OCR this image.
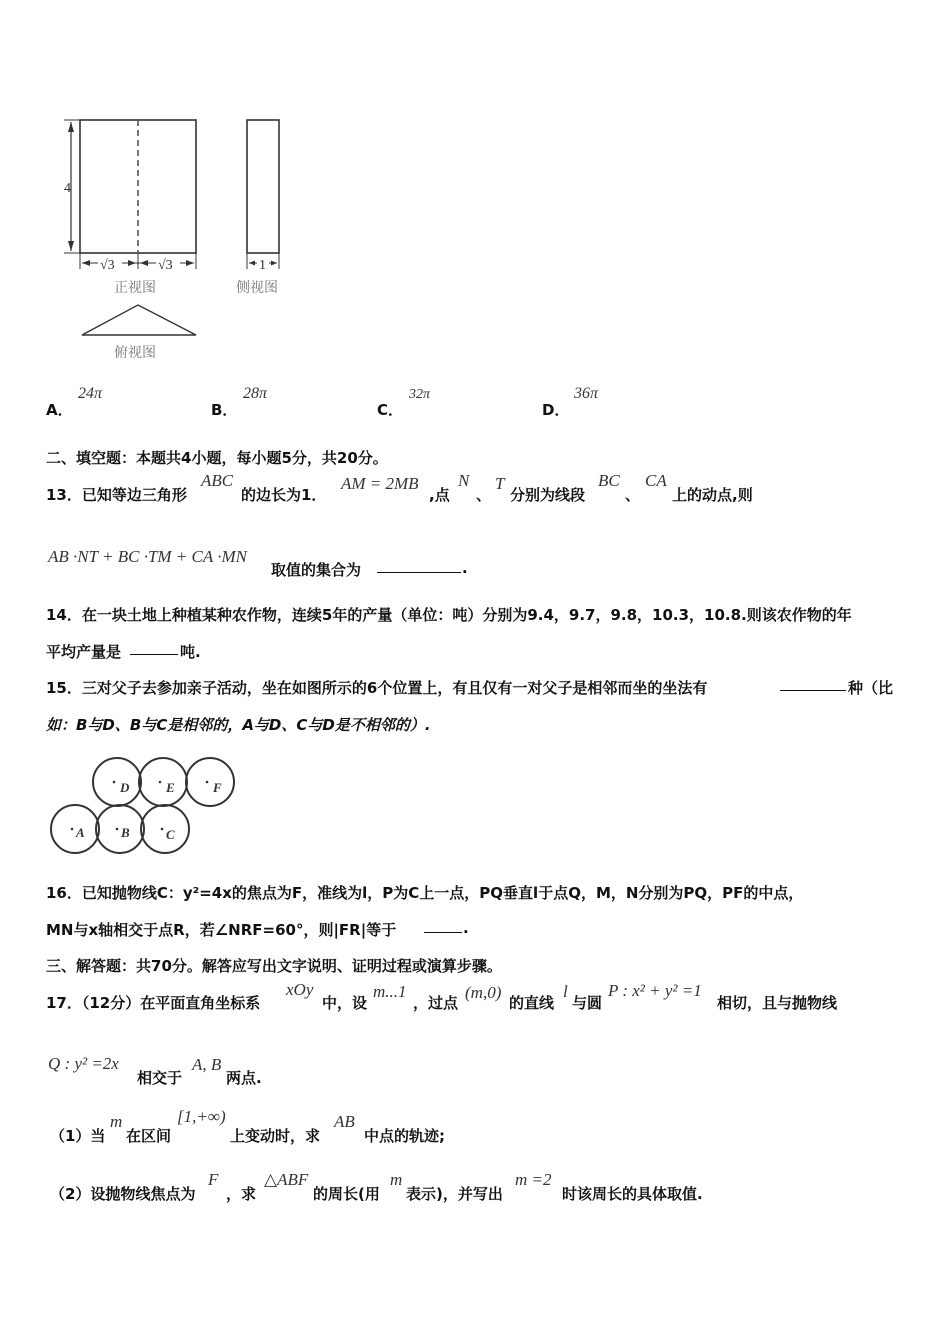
4
√3	√3
正视图
1
侧视图
俯视图
A．
24π
B．
28π
C．
32π
D．
36π
二、填空题：本题共4小题，每小题5分，共20分。
13．已知等边三角形
ABC
的边长为1．
AM = 2MB
,点
N
、
T
分别为线段
BC
、
CA
上的动点,则
AB ·NT + BC ·TM + CA ·MN
取值的集合为	.
14．在一块土地上种植某种农作物，连续5年的产量（单位：吨）分别为9.4，9.7，9.8，10.3，10.8.则该农作物的年
平均产量是	吨.
15．三对父子去参加亲子活动，坐在如图所示的6个位置上，有且仅有一对父子是相邻而坐的坐法有	种（比
如：B与D、B与C是相邻的，A与D、C与D是不相邻的）.
D	E	F
A	B	C
16．已知抛物线C：y²=4x的焦点为F，准线为l，P为C上一点，PQ垂直l于点Q，M，N分别为PQ，PF的中点，
MN与x轴相交于点R，若∠NRF=60°，则|FR|等于	.
三、解答题：共70分。解答应写出文字说明、证明过程或演算步骤。
17．（12分）在平面直角坐标系
xOy
中，设
m...1
，过点
(m,0)
的直线
l
与圆
P : x² + y² =1
相切，且与抛物线
Q : y² =2x
相交于
A, B
两点.
（1）当
m
在区间
[1,+∞)
上变动时，求
AB
中点的轨迹;
（2）设抛物线焦点为
F
，求
△ABF
的周长(用
m
表示)，并写出
m =2
时该周长的具体取值.
